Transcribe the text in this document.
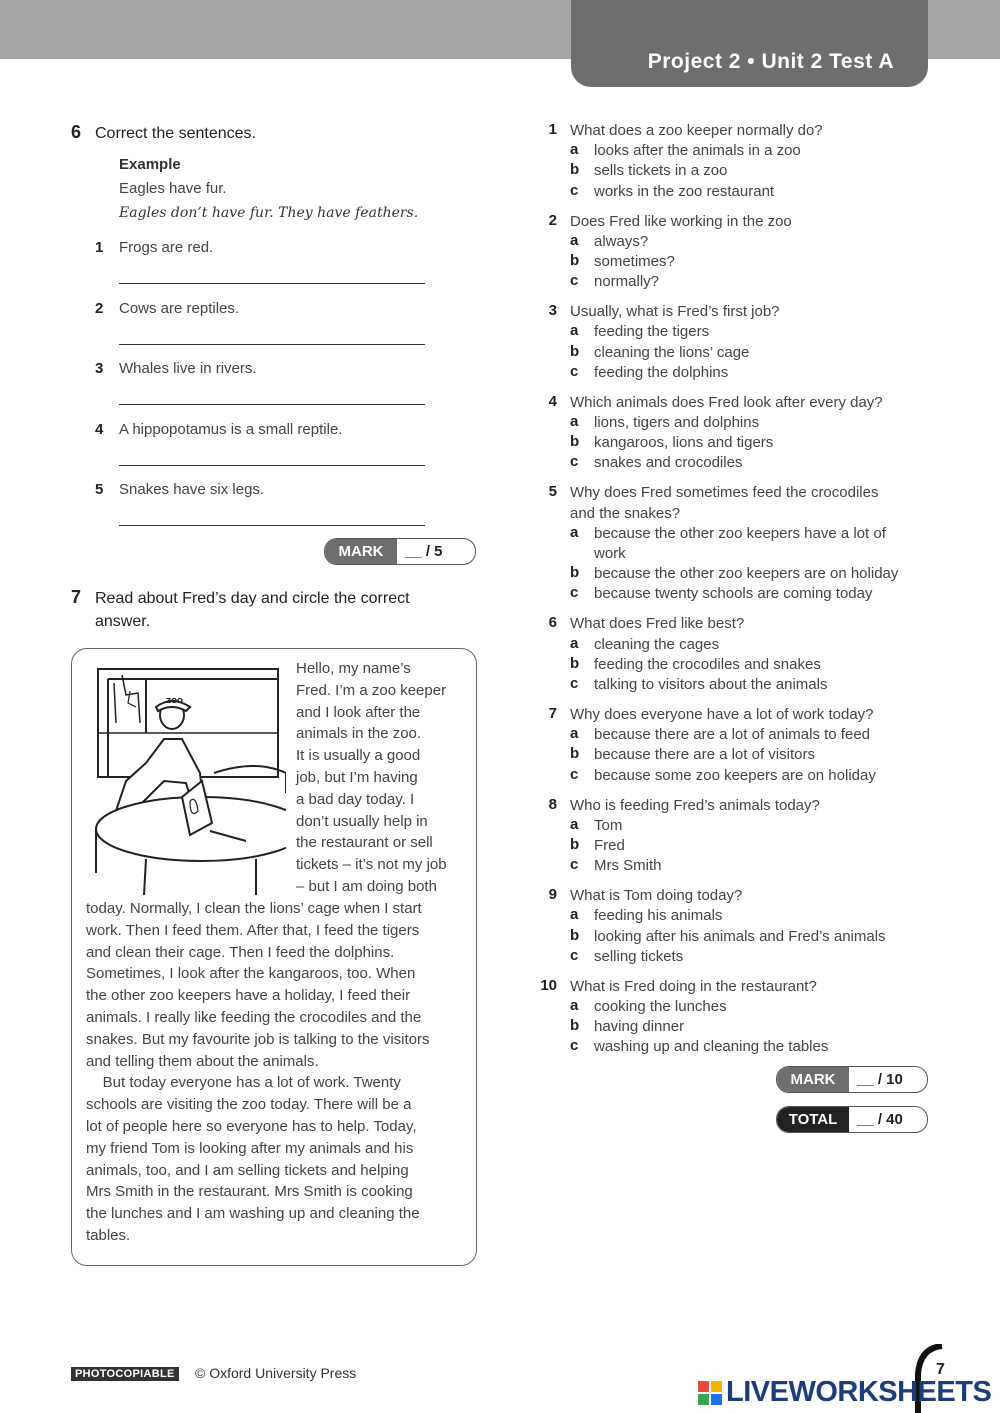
Project 2 • Unit 2 Test A
6 Correct the sentences.
Example
Eagles have fur.
Eagles don’t have fur. They have feathers.
1 Frogs are red.
2 Cows are reptiles.
3 Whales live in rivers.
4 A hippopotamus is a small reptile.
5 Snakes have six legs.
MARK	__ / 5
7 Read about Fred’s day and circle the correct
answer.
ZOO
Hello, my name’s
Fred. I’m a zoo keeper
and I look after the
animals in the zoo.
It is usually a good
job, but I’m having
a bad day today. I
don’t usually help in
the restaurant or sell
tickets – it’s not my job
– but I am doing both
today. Normally, I clean the lions’ cage when I start
work. Then I feed them. After that, I feed the tigers
and clean their cage. Then I feed the dolphins.
Sometimes, I look after the kangaroos, too. When
the other zoo keepers have a holiday, I feed their
animals. I really like feeding the crocodiles and the
snakes. But my favourite job is talking to the visitors
and telling them about the animals.
But today everyone has a lot of work. Twenty
schools are visiting the zoo today. There will be a
lot of people here so everyone has to help. Today,
my friend Tom is looking after my animals and his
animals, too, and I am selling tickets and helping
Mrs Smith in the restaurant. Mrs Smith is cooking
the lunches and I am washing up and cleaning the
tables.
1 What does a zoo keeper normally do?
a looks after the animals in a zoo
b sells tickets in a zoo
c works in the zoo restaurant
2 Does Fred like working in the zoo
a always?
b sometimes?
c normally?
3 Usually, what is Fred’s first job?
a feeding the tigers
b cleaning the lions’ cage
c feeding the dolphins
4 Which animals does Fred look after every day?
a lions, tigers and dolphins
b kangaroos, lions and tigers
c snakes and crocodiles
5 Why does Fred sometimes feed the crocodiles
and the snakes?
a because the other zoo keepers have a lot of
work
b because the other zoo keepers are on holiday
c because twenty schools are coming today
6 What does Fred like best?
a cleaning the cages
b feeding the crocodiles and snakes
c talking to visitors about the animals
7 Why does everyone have a lot of work today?
a because there are a lot of animals to feed
b because there are a lot of visitors
c because some zoo keepers are on holiday
8 Who is feeding Fred’s animals today?
a Tom
b Fred
c Mrs Smith
9 What is Tom doing today?
a feeding his animals
b looking after his animals and Fred’s animals
c selling tickets
10 What is Fred doing in the restaurant?
a cooking the lunches
b having dinner
c washing up and cleaning the tables
MARK	__ / 10
TOTAL	__ / 40
PHOTOCOPIABLE © Oxford University Press	7
LIVEWORKSHEETS
